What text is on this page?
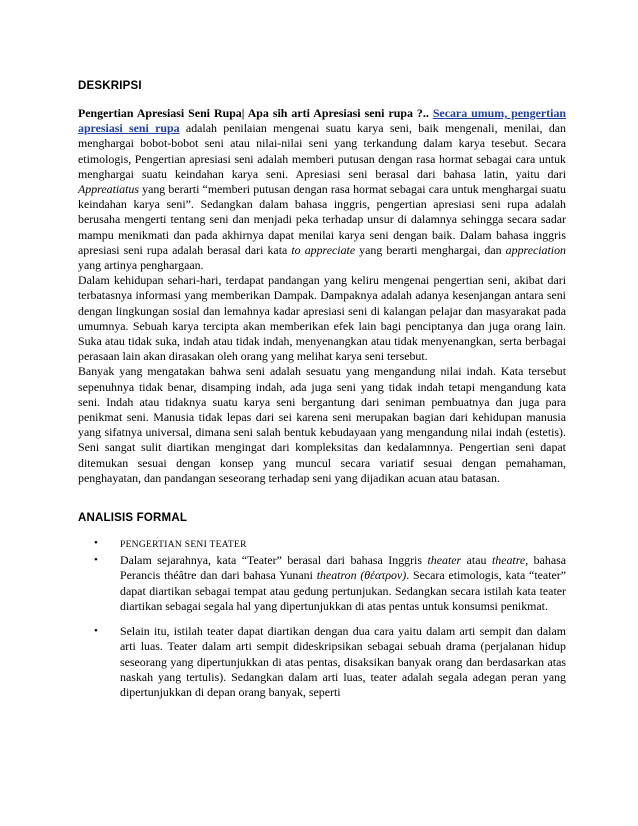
DESKRIPSI

Pengertian Apresiasi Seni Rupa| Apa sih arti Apresiasi seni rupa ?.. Secara umum, pengertian apresiasi seni rupa adalah penilaian mengenai suatu karya seni, baik mengenali, menilai, dan menghargai bobot-bobot seni atau nilai-nilai seni yang terkandung dalam karya tesebut. Secara etimologis, Pengertian apresiasi seni adalah memberi putusan dengan rasa hormat sebagai cara untuk menghargai suatu keindahan karya seni. Apresiasi seni berasal dari bahasa latin, yaitu dari Appreatiatus yang berarti “memberi putusan dengan rasa hormat sebagai cara untuk menghargai suatu keindahan karya seni”. Sedangkan dalam bahasa inggris, pengertian apresiasi seni rupa adalah berusaha mengerti tentang seni dan menjadi peka terhadap unsur di dalamnya sehingga secara sadar mampu menikmati dan pada akhirnya dapat menilai karya seni dengan baik. Dalam bahasa inggris apresiasi seni rupa adalah berasal dari kata to appreciate yang berarti menghargai, dan appreciation yang artinya penghargaan.

Dalam kehidupan sehari-hari, terdapat pandangan yang keliru mengenai pengertian seni, akibat dari terbatasnya informasi yang memberikan Dampak. Dampaknya adalah adanya kesenjangan antara seni dengan lingkungan sosial dan lemahnya kadar apresiasi seni di kalangan pelajar dan masyarakat pada umumnya. Sebuah karya tercipta akan memberikan efek lain bagi penciptanya dan juga orang lain. Suka atau tidak suka, indah atau tidak indah, menyenangkan atau tidak menyenangkan, serta berbagai perasaan lain akan dirasakan oleh orang yang melihat karya seni tersebut.

Banyak yang mengatakan bahwa seni adalah sesuatu yang mengandung nilai indah. Kata tersebut sepenuhnya tidak benar, disamping indah, ada juga seni yang tidak indah tetapi mengandung kata seni. Indah atau tidaknya suatu karya seni bergantung dari seniman pembuatnya dan juga para penikmat seni. Manusia tidak lepas dari sei karena seni merupakan bagian dari kehidupan manusia yang sifatnya universal, dimana seni salah bentuk kebudayaan yang mengandung nilai indah (estetis). Seni sangat sulit diartikan mengingat dari kompleksitas dan kedalamnnya. Pengertian seni dapat ditemukan sesuai dengan konsep yang muncul secara variatif sesuai dengan pemahaman, penghayatan, dan pandangan seseorang terhadap seni yang dijadikan acuan atau batasan.

ANALISIS FORMAL
• PENGERTIAN SENI TEATER
• Dalam sejarahnya, kata “Teater” berasal dari bahasa Inggris theater atau theatre, bahasa Perancis théâtre dan dari bahasa Yunani theatron (θέατρον). Secara etimologis, kata “teater” dapat diartikan sebagai tempat atau gedung pertunjukan. Sedangkan secara istilah kata teater diartikan sebagai segala hal yang dipertunjukkan di atas pentas untuk konsumsi penikmat.
• Selain itu, istilah teater dapat diartikan dengan dua cara yaitu dalam arti sempit dan dalam arti luas. Teater dalam arti sempit dideskripsikan sebagai sebuah drama (perjalanan hidup seseorang yang dipertunjukkan di atas pentas, disaksikan banyak orang dan berdasarkan atas naskah yang tertulis). Sedangkan dalam arti luas, teater adalah segala adegan peran yang dipertunjukkan di depan orang banyak, seperti
